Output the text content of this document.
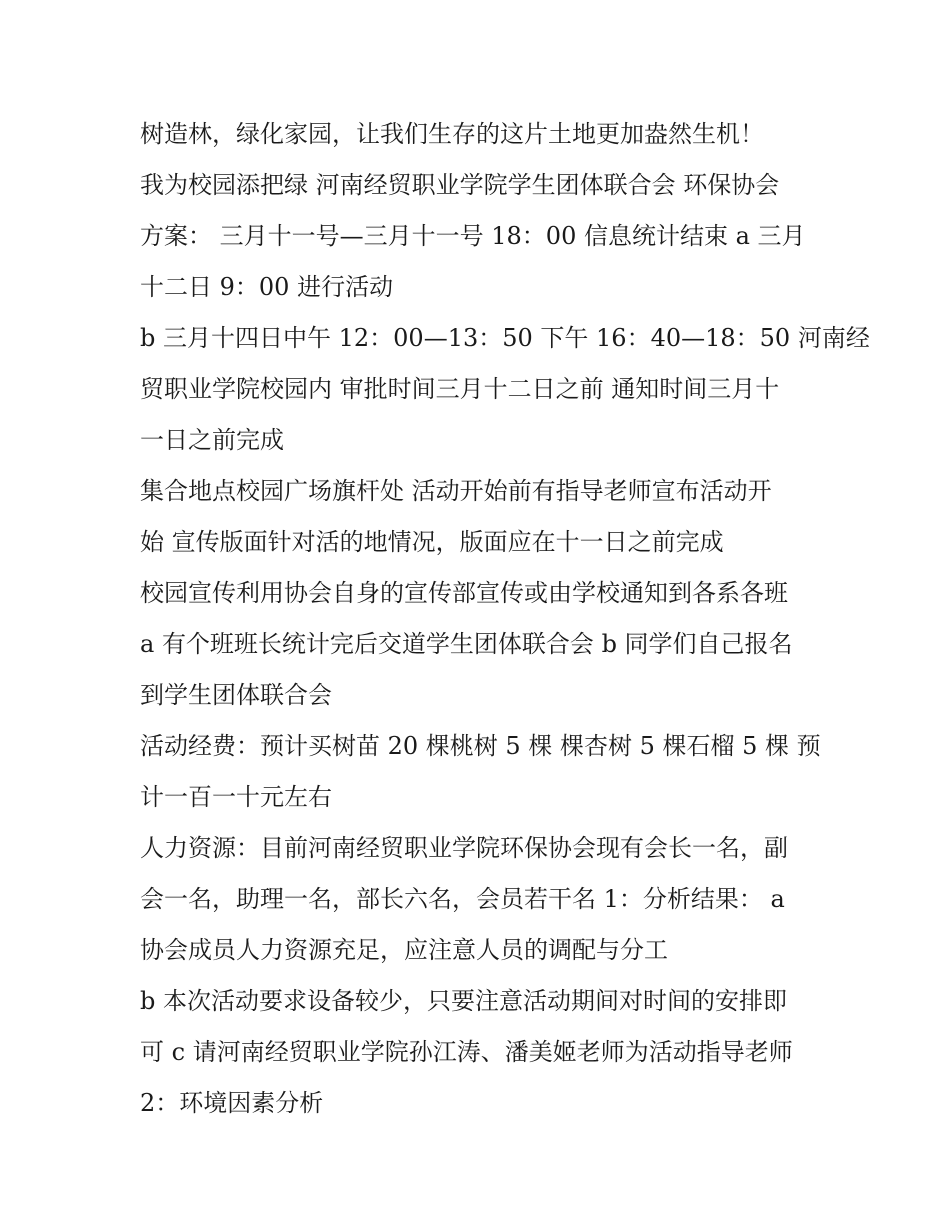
树造林，绿化家园，让我们生存的这片土地更加盎然生机！
我为校园添把绿 河南经贸职业学院学生团体联合会 环保协会
方案： 三月十一号—三月十一号 18：00 信息统计结束 a 三月
十二日 9：00 进行活动
b 三月十四日中午 12：00—13：50 下午 16：40—18：50 河南经
贸职业学院校园内 审批时间三月十二日之前 通知时间三月十
一日之前完成
集合地点校园广场旗杆处 活动开始前有指导老师宣布活动开
始 宣传版面针对活的地情况，版面应在十一日之前完成
校园宣传利用协会自身的宣传部宣传或由学校通知到各系各班
a 有个班班长统计完后交道学生团体联合会 b 同学们自己报名
到学生团体联合会
活动经费：预计买树苗 20 棵桃树 5 棵 棵杏树 5 棵石榴 5 棵 预
计一百一十元左右
人力资源：目前河南经贸职业学院环保协会现有会长一名，副
会一名，助理一名，部长六名，会员若干名 1：分析结果： a
协会成员人力资源充足，应注意人员的调配与分工
b 本次活动要求设备较少，只要注意活动期间对时间的安排即
可 c 请河南经贸职业学院孙江涛、潘美姬老师为活动指导老师
2：环境因素分析
